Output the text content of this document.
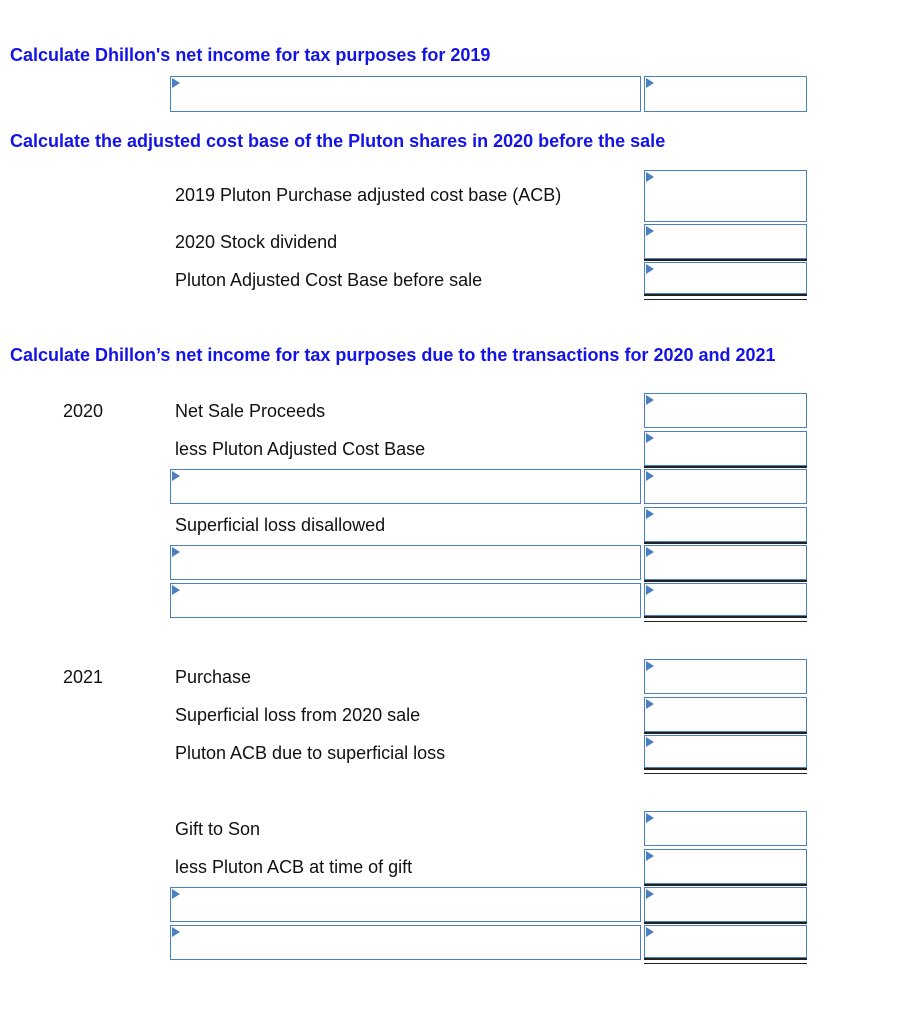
Calculate Dhillon's net income for tax purposes for 2019
Calculate the adjusted cost base of the Pluton shares in 2020 before the sale
2019 Pluton Purchase adjusted cost base (ACB)
2020 Stock dividend
Pluton Adjusted Cost Base before sale
Calculate Dhillon’s net income for tax purposes due to the transactions for 2020 and 2021
2020	Net Sale Proceeds
less Pluton Adjusted Cost Base
Superficial loss disallowed
2021	Purchase
Superficial loss from 2020 sale
Pluton ACB due to superficial loss
Gift to Son
less Pluton ACB at time of gift
